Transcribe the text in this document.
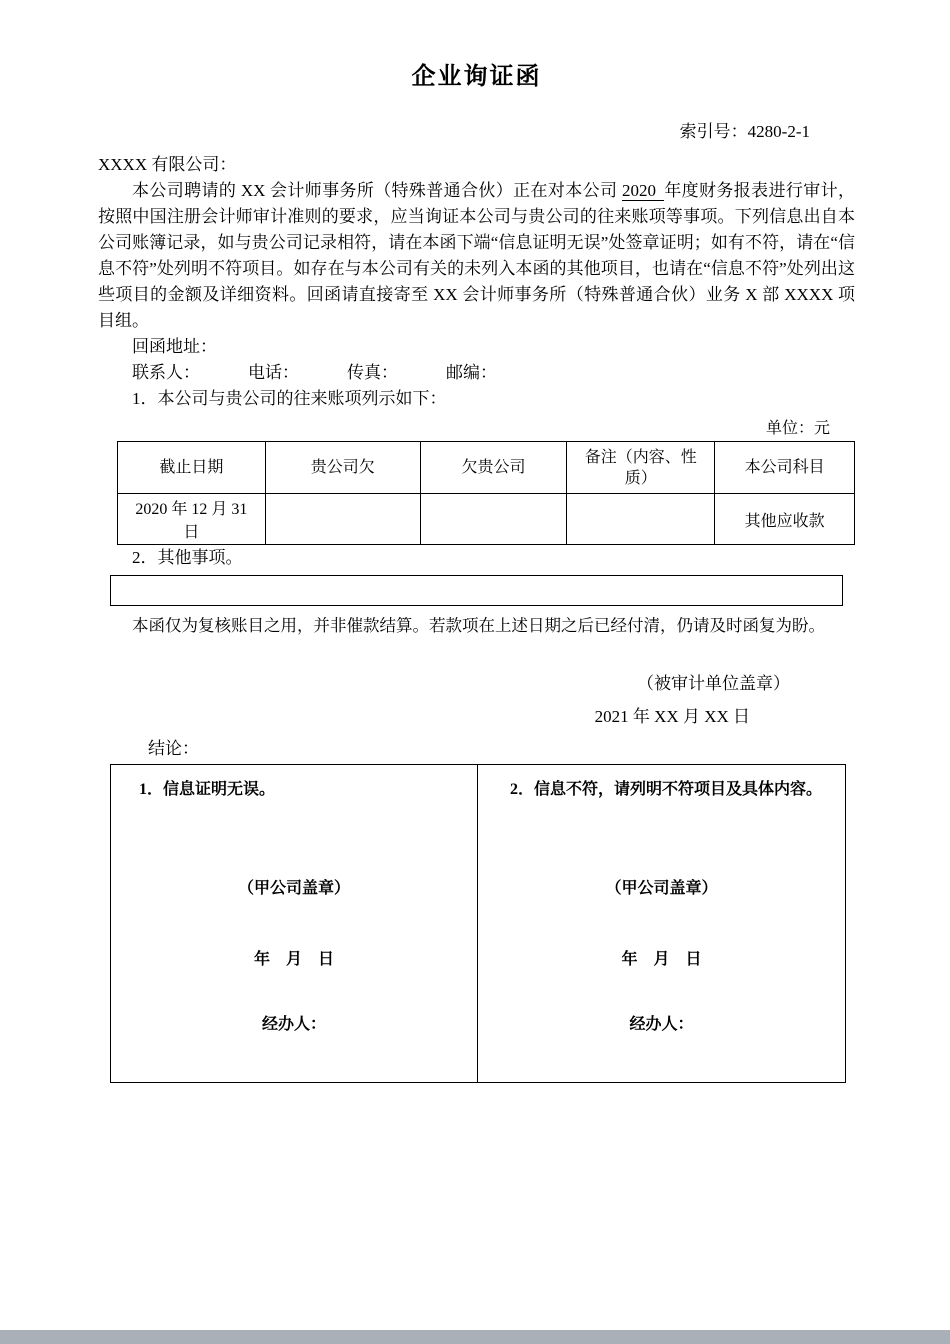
企业询证函
索引号：4280-2-1
XXXX 有限公司：

本公司聘请的 XX 会计师事务所（特殊普通合伙）正在对本公司 2020 年度财务报表进行审计，按照中国注册会计师审计准则的要求，应当询证本公司与贵公司的往来账项等事项。下列信息出自本公司账簿记录，如与贵公司记录相符，请在本函下端“信息证明无误”处签章证明；如有不符，请在“信息不符”处列明不符项目。如存在与本公司有关的未列入本函的其他项目，也请在“信息不符”处列出这些项目的金额及详细资料。回函请直接寄至 XX 会计师事务所（特殊普通合伙）业务 X 部 XXXX 项目组。

回函地址：
联系人：	电话：	传真：	邮编：
1．本公司与贵公司的往来账项列示如下：
单位：元
截止日期	贵公司欠	欠贵公司	备注（内容、性质）	本公司科目
2020 年 12 月 31 日				其他应收款
2．其他事项。
本函仅为复核账目之用，并非催款结算。若款项在上述日期之后已经付清，仍请及时函复为盼。
（被审计单位盖章）
2021 年 XX 月 XX 日
结论：
1．信息证明无误。
（甲公司盖章）
年　月　日
经办人：

2．信息不符，请列明不符项目及具体内容。
（甲公司盖章）
年　月　日
经办人：
